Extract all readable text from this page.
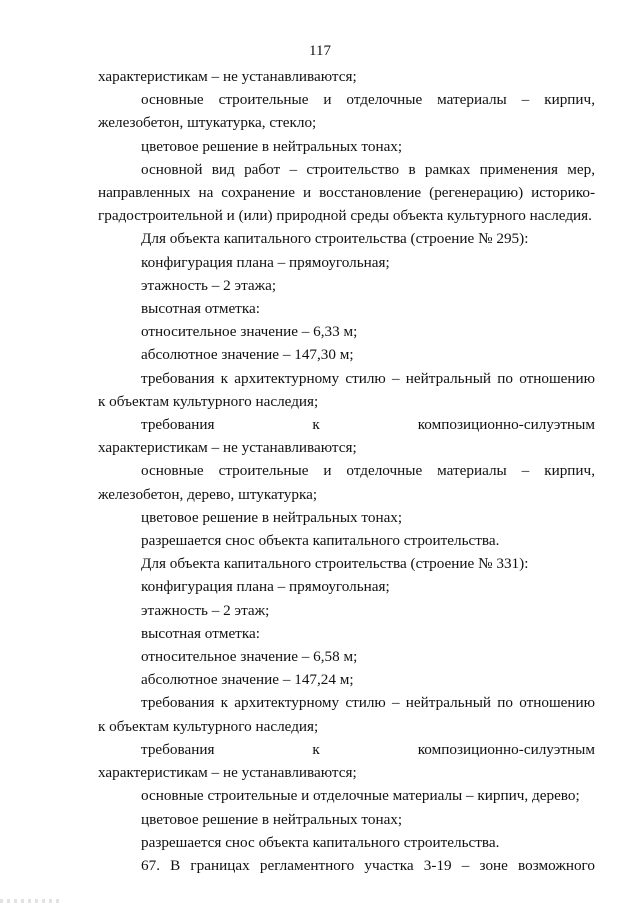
117
характеристикам – не устанавливаются;
основные строительные и отделочные материалы – кирпич,
железобетон, штукатурка, стекло;
цветовое решение в нейтральных тонах;
основной вид работ – строительство в рамках применения мер,
направленных на сохранение и восстановление (регенерацию) историко-
градостроительной и (или) природной среды объекта культурного наследия.
Для объекта капитального строительства (строение № 295):
конфигурация плана – прямоугольная;
этажность – 2 этажа;
высотная отметка:
относительное значение – 6,33 м;
абсолютное значение – 147,30 м;
требования к архитектурному стилю – нейтральный по отношению
к объектам культурного наследия;
требования	к	композиционно-силуэтным
характеристикам – не устанавливаются;
основные строительные и отделочные материалы – кирпич,
железобетон, дерево, штукатурка;
цветовое решение в нейтральных тонах;
разрешается снос объекта капитального строительства.
Для объекта капитального строительства (строение № 331):
конфигурация плана – прямоугольная;
этажность – 2 этаж;
высотная отметка:
относительное значение – 6,58 м;
абсолютное значение – 147,24 м;
требования к архитектурному стилю – нейтральный по отношению
к объектам культурного наследия;
требования	к	композиционно-силуэтным
характеристикам – не устанавливаются;
основные строительные и отделочные материалы – кирпич, дерево;
цветовое решение в нейтральных тонах;
разрешается снос объекта капитального строительства.
67. В границах регламентного участка 3-19 – зоне возможного
